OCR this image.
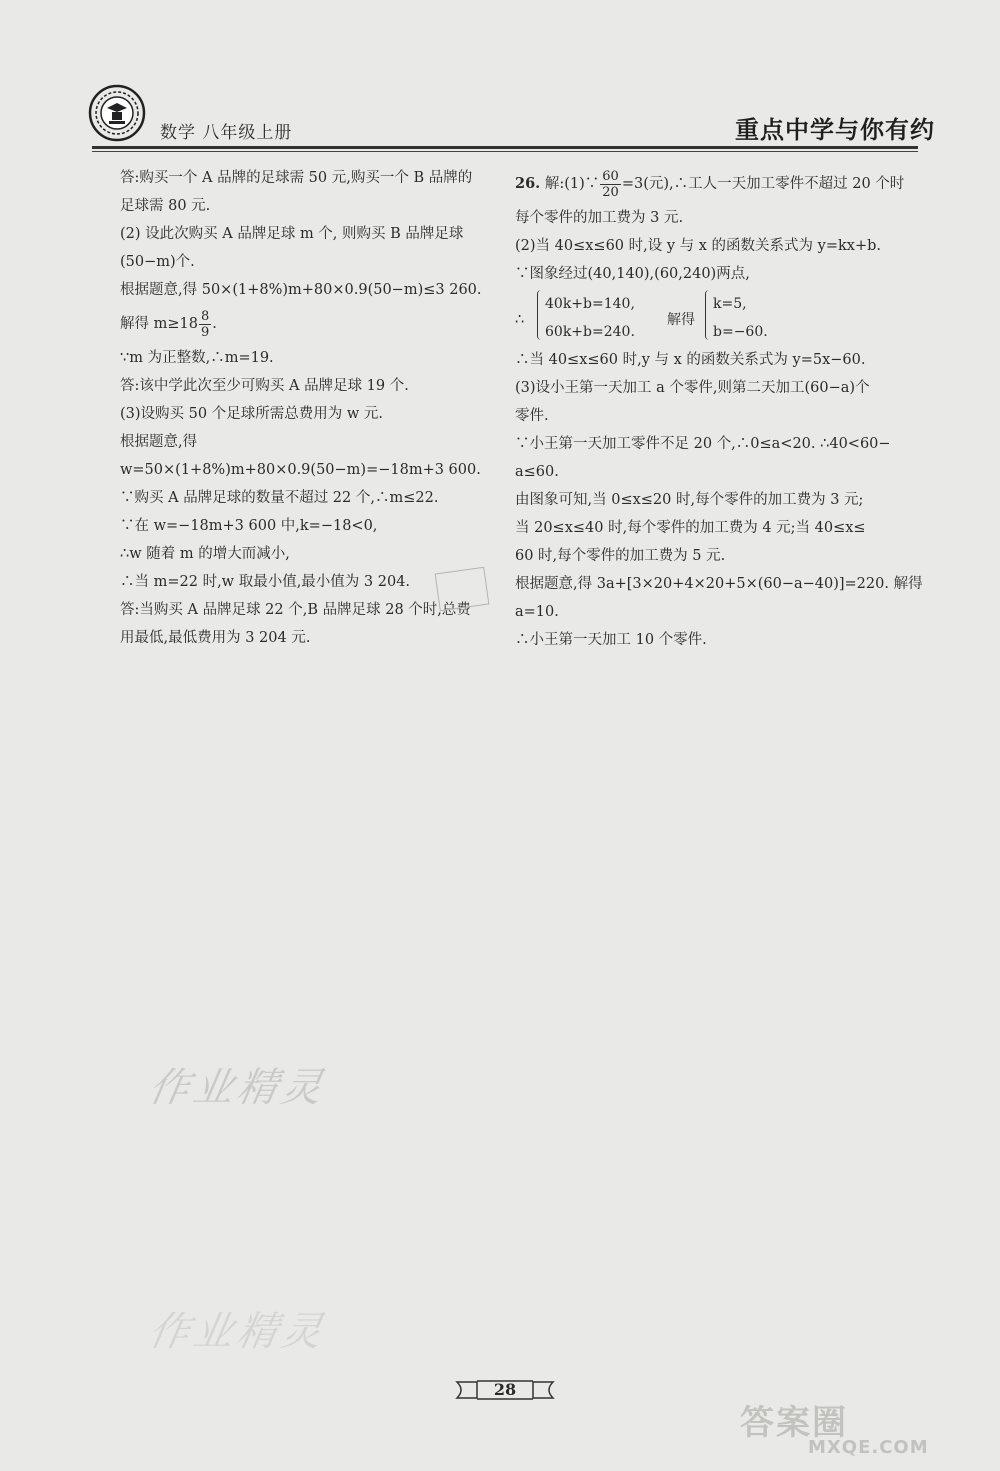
数学 八年级上册	重点中学与你有约
答:购买一个 A 品牌的足球需 50 元,购买一个 B 品牌的
足球需 80 元.
(2) 设此次购买 A 品牌足球 m 个, 则购买 B 品牌足球
(50−m)个.
根据题意,得 50×(1+8%)m+80×0.9(50−m)≤3 260.
解得 $m\ge 18 \frac{8}{9}$ .
∵m 为正整数,∴m=19.
答:该中学此次至少可购买 A 品牌足球 19 个.
(3)设购买 50 个足球所需总费用为 w 元.
根据题意,得
w=50×(1+8%)m+80×0.9(50−m)=−18m+3 600.
∵购买 A 品牌足球的数量不超过 22 个,∴m≤22.
∵在 w=−18m+3 600 中,k=−18<0,
∴w 随着 m 的增大而减小,
∴当 m=22 时,w 取最小值,最小值为 3 204.
答:当购买 A 品牌足球 22 个,B 品牌足球 28 个时,总费
用最低,最低费用为 3 204 元.
26. 解:(1)∵ $\frac{60}{20} =3$(元),∴工人一天加工零件不超过 20 个时
每个零件的加工费为 3 元.
(2)当 40≤x≤60 时,设 y 与 x 的函数关系式为 y=kx+b.
∵图象经过(40,140),(60,240)两点,
∴
40k+b=140,
60k+b=240.
解得
k=5,
b=−60.
∴当 40≤x≤60 时,y 与 x 的函数关系式为 y=5x−60.
(3)设小王第一天加工 a 个零件,则第二天加工(60−a)个
零件.
∵小王第一天加工零件不足 20 个,∴0≤a<20. ∴40<60−
a≤60.
由图象可知,当 0≤x≤20 时,每个零件的加工费为 3 元;
当 20≤x≤40 时,每个零件的加工费为 4 元;当 40≤x≤
60 时,每个零件的加工费为 5 元.
根据题意,得 3a+[3×20+4×20+5×(60−a−40)]=220. 解得
a=10.
∴小王第一天加工 10 个零件.
作业精灵
作业精灵
28
答案圈
MXQE.COM
